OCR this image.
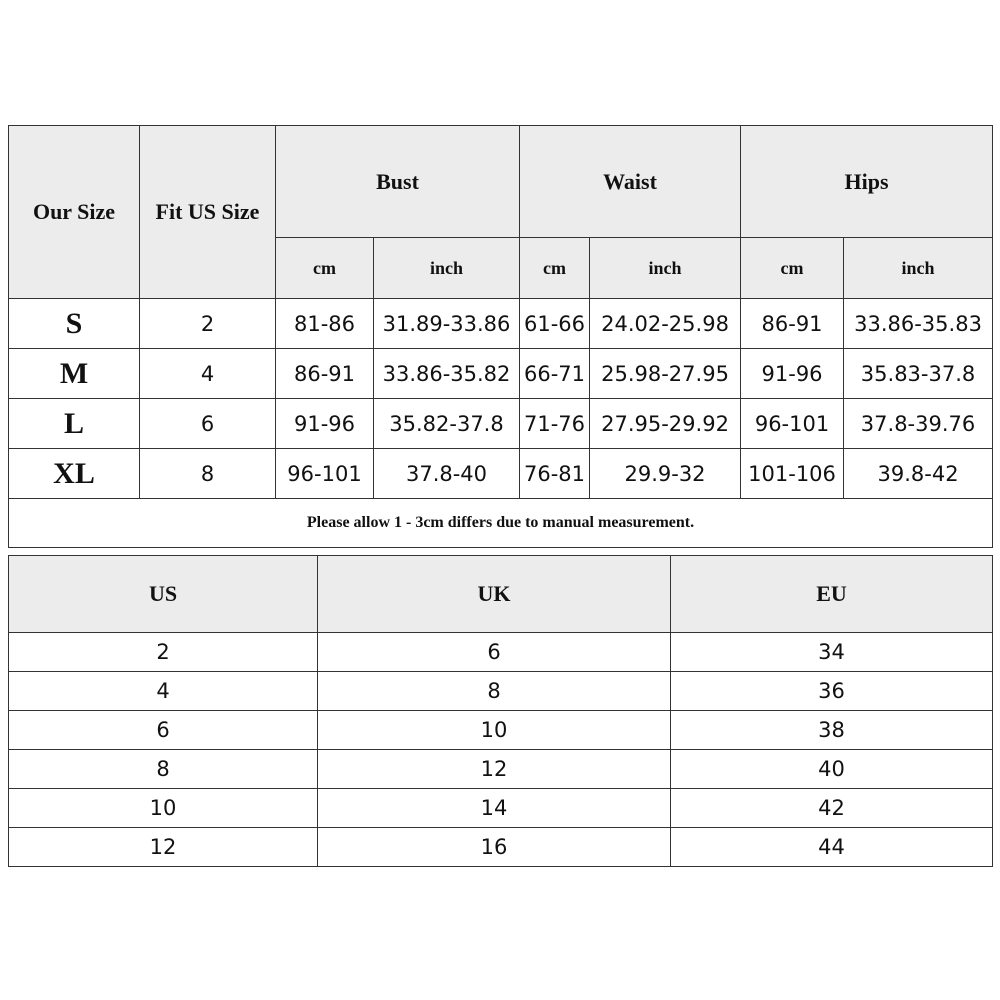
Our Size	Fit US Size	Bust		Waist		Hips	
		cm	inch	cm	inch	cm	inch
S	2	81-86	31.89-33.86	61-66	24.02-25.98	86-91	33.86-35.83
M	4	86-91	33.86-35.82	66-71	25.98-27.95	91-96	35.83-37.8
L	6	91-96	35.82-37.8	71-76	27.95-29.92	96-101	37.8-39.76
XL	8	96-101	37.8-40	76-81	29.9-32	101-106	39.8-42
Please allow 1 - 3cm differs due to manual measurement.							
US	UK	EU
2	6	34
4	8	36
6	10	38
8	12	40
10	14	42
12	16	44
